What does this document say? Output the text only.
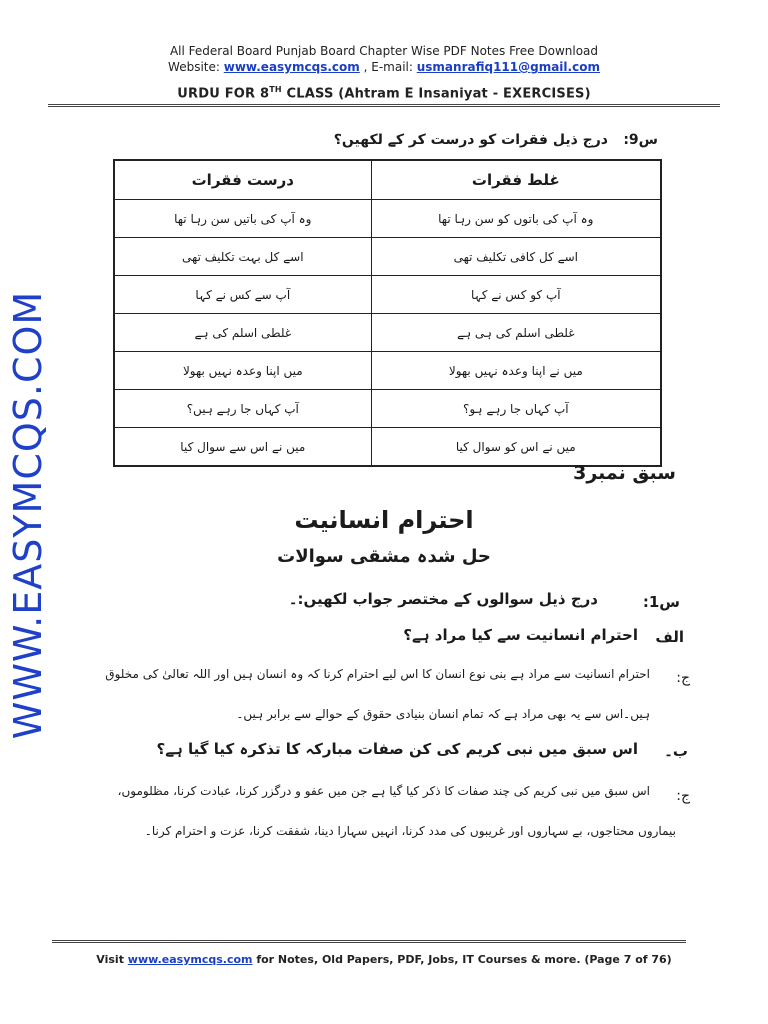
All Federal Board Punjab Board Chapter Wise PDF Notes Free Download
Website: www.easymcqs.com , E-mail: usmanrafiq111@gmail.com
URDU FOR 8TH CLASS (Ahtram E Insaniyat - EXERCISES)
WWW.EASYMCQS.COM
س9:
درج ذیل فقرات کو درست کر کے لکھیں؟
غلط فقرات	درست فقرات
وہ آپ کی باتوں کو سن رہا تھا	وہ آپ کی باتیں سن رہا تھا
اسے کل کافی تکلیف تھی	اسے کل بہت تکلیف تھی
آپ کو کس نے کہا	آپ سے کس نے کہا
غلطی اسلم کی ہی ہے	غلطی اسلم کی ہے
میں نے اپنا وعدہ نہیں بھولا	میں اپنا وعدہ نہیں بھولا
آپ کہاں جا رہے ہو؟	آپ کہاں جا رہے ہیں؟
میں نے اس کو سوال کیا	میں نے اس سے سوال کیا
سبق نمبر3
احترام انسانیت
حل شدہ مشقی سوالات
س1:
درج ذیل سوالوں کے مختصر جواب لکھیں:۔
الف
احترام انسانیت سے کیا مراد ہے؟
ج:
احترام انسانیت سے مراد ہے بنی نوع انسان کا اس لیے احترام کرنا کہ وہ انسان ہیں اور اللہ تعالیٰ کی مخلوق
ہیں۔اس سے یہ بھی مراد ہے کہ تمام انسان بنیادی حقوق کے حوالے سے برابر ہیں۔
ب۔
اس سبق میں نبی کریم کی کن صفات مبارکہ کا تذکرہ کیا گیا ہے؟
ج:
اس سبق میں نبی کریم کی چند صفات کا ذکر کیا گیا ہے جن میں عفو و درگزر کرنا، عبادت کرنا، مظلوموں،
بیماروں محتاجوں، بے سہاروں اور غریبوں کی مدد کرنا، انہیں سہارا دینا، شفقت کرنا، عزت و احترام کرنا۔
Visit www.easymcqs.com for Notes, Old Papers, PDF, Jobs, IT Courses & more. (Page 7 of 76)
